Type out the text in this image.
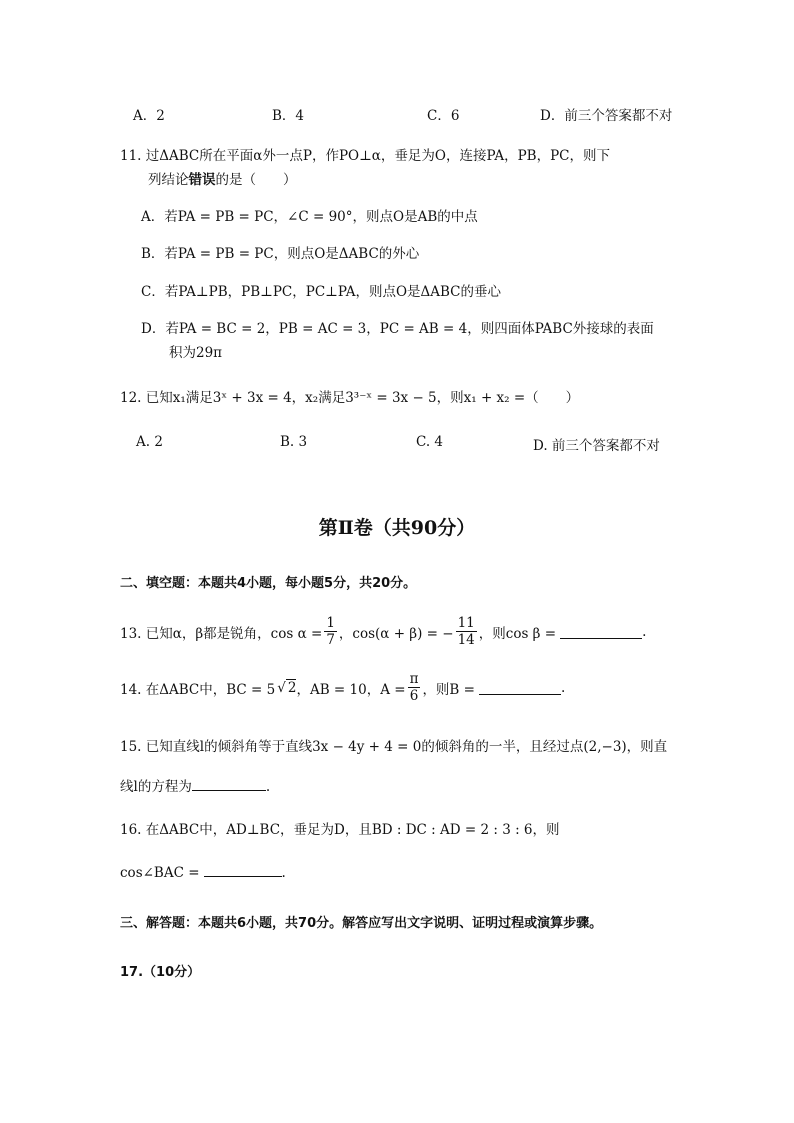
A．2	B．4	C．6	D．前三个答案都不对
11. 过ΔABC所在平面α外一点P，作PO⊥α，垂足为O，连接PA，PB，PC，则下
列结论错误的是（　　）
A．若PA = PB = PC，∠C = 90°，则点O是AB的中点
B．若PA = PB = PC，则点O是ΔABC的外心
C．若PA⊥PB，PB⊥PC，PC⊥PA，则点O是ΔABC的垂心
D．若PA = BC = 2，PB = AC = 3，PC = AB = 4，则四面体PABC外接球的表面
积为29π
12. 已知x₁满足3ˣ + 3x = 4，x₂满足3³⁻ˣ = 3x − 5，则x₁ + x₂ =（　　）
A. 2	B. 3	C. 4	D. 前三个答案都不对
第Ⅱ卷（共90分）
二、填空题：本题共4小题，每小题5分，共20分。
13. 已知α，β都是锐角，$\cos \alpha = \frac{1}{7}$ ，cos(α + β) = − $\frac{11}{14}$ ，则cos β =	.
14. 在ΔABC中，BC = 5 √ 2 ，AB = 10，$A = \frac{\pi}{6}$ ，则B =	.
15. 已知直线l的倾斜角等于直线3x − 4y + 4 = 0的倾斜角的一半，且经过点(2,−3)，则直
线l的方程为	.
16. 在ΔABC中，AD⊥BC，垂足为D，且BD : DC : AD = 2 : 3 : 6，则
cos∠BAC =	.
三、解答题：本题共6小题，共70分。解答应写出文字说明、证明过程或演算步骤。
17.（10分）
